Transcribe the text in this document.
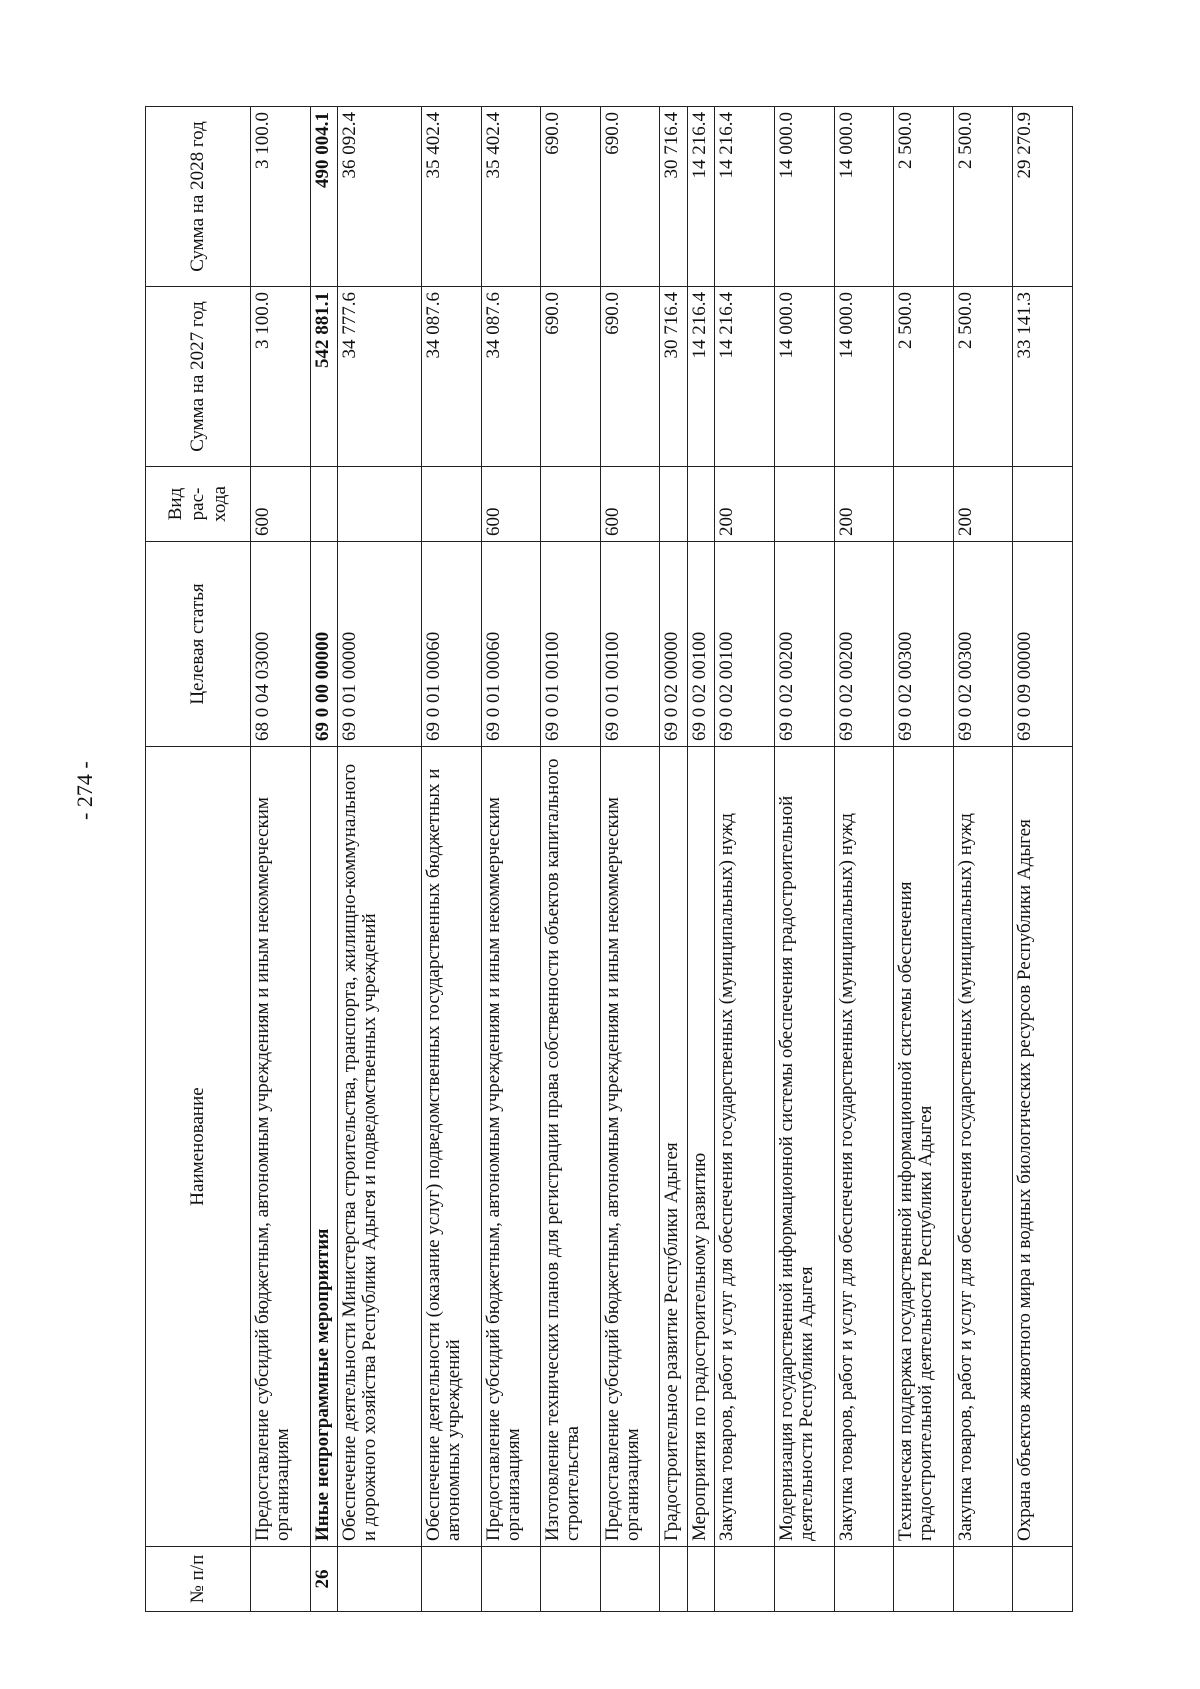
- 274 -
№ п/п	Наименование	Целевая статья	Вид рас- хода	Сумма на 2027 год	Сумма на 2028 год
	Предоставление субсидий бюджетным, автономным учреждениям и иным некоммерческим организациям	68 0 04 03000	600	3 100.0	3 100.0
26	Иные непрограммные мероприятия	69 0 00 00000		542 881.1	490 004.1
	Обеспечение деятельности Министерства строительства, транспорта, жилищно-коммунального и дорожного хозяйства Республики Адыгея и подведомственных учреждений	69 0 01 00000		34 777.6	36 092.4
	Обеспечение деятельности (оказание услуг) подведомственных государственных бюджетных и автономных учреждений	69 0 01 00060		34 087.6	35 402.4
	Предоставление субсидий бюджетным, автономным учреждениям и иным некоммерческим организациям	69 0 01 00060	600	34 087.6	35 402.4
	Изготовление технических планов для регистрации права собственности объектов капитального строительства	69 0 01 00100		690.0	690.0
	Предоставление субсидий бюджетным, автономным учреждениям и иным некоммерческим организациям	69 0 01 00100	600	690.0	690.0
	Градостроительное развитие Республики Адыгея	69 0 02 00000		30 716.4	30 716.4
	Мероприятия по градостроительному развитию	69 0 02 00100		14 216.4	14 216.4
	Закупка товаров, работ и услуг для обеспечения государственных (муниципальных) нужд	69 0 02 00100	200	14 216.4	14 216.4
	Модернизация государственной информационной системы обеспечения градостроительной деятельности Республики Адыгея	69 0 02 00200		14 000.0	14 000.0
	Закупка товаров, работ и услуг для обеспечения государственных (муниципальных) нужд	69 0 02 00200	200	14 000.0	14 000.0
	Техническая поддержка государственной информационной системы обеспечения градостроительной деятельности Республики Адыгея	69 0 02 00300		2 500.0	2 500.0
	Закупка товаров, работ и услуг для обеспечения государственных (муниципальных) нужд	69 0 02 00300	200	2 500.0	2 500.0
	Охрана объектов животного мира и водных биологических ресурсов Республики Адыгея	69 0 09 00000		33 141.3	29 270.9
